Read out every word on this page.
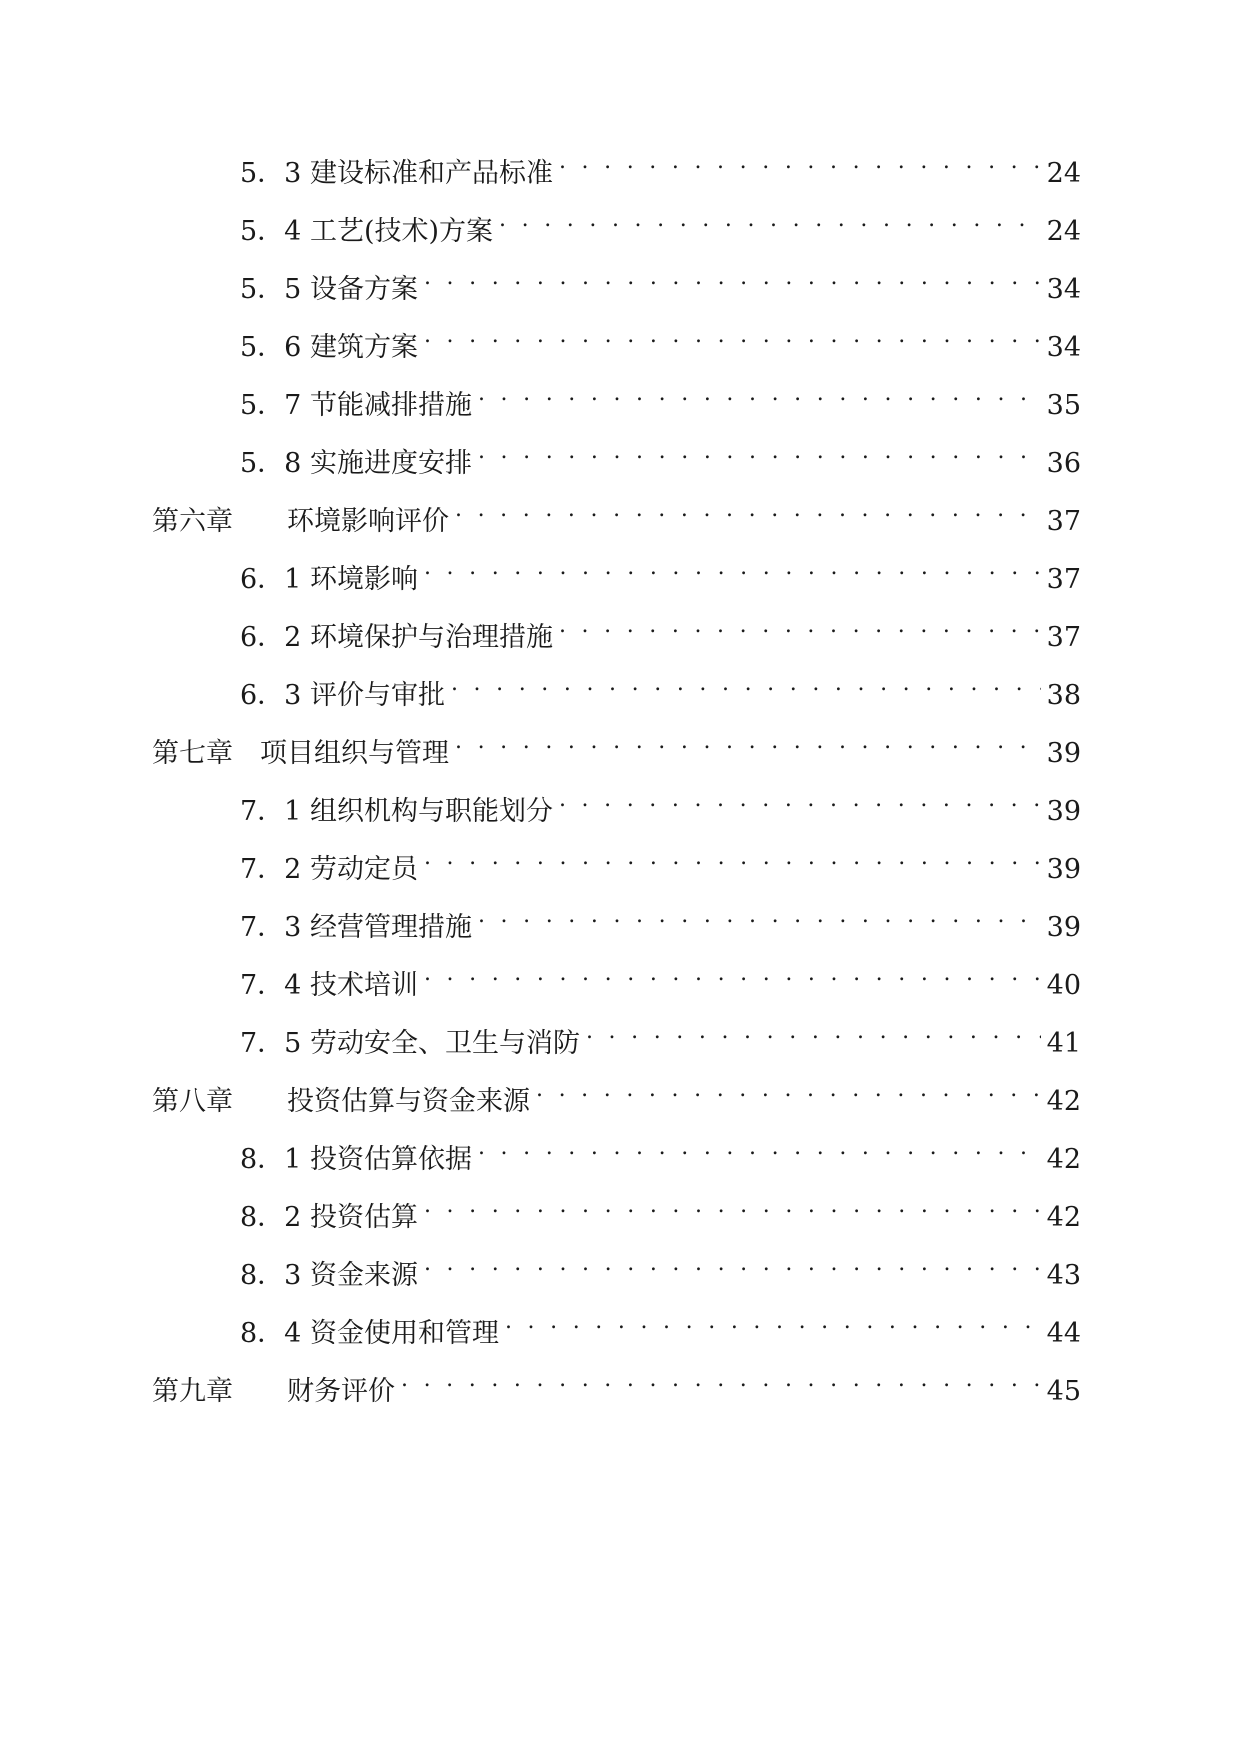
5．3 建设标准和产品标准 . . .	24
5．4 工艺(技术)方案 . . .	24
5．5 设备方案 . . .	34
5．6 建筑方案 . . .	34
5．7 节能减排措施 . . .	35
5．8 实施进度安排 . . .	36
第六章　　环境影响评价 . . .	37
6．1 环境影响 . . .	37
6．2 环境保护与治理措施 . . .	37
6．3 评价与审批 . . .	38
第七章　项目组织与管理 . . .	39
7．1 组织机构与职能划分 . . .	39
7．2 劳动定员 . . .	39
7．3 经营管理措施 . . .	39
7．4 技术培训 . . .	40
7．5 劳动安全、卫生与消防 . . .	41
第八章　　投资估算与资金来源 . . .	42
8．1 投资估算依据 . . .	42
8．2 投资估算 . . .	42
8．3 资金来源 . . .	43
8．4 资金使用和管理 . . .	44
第九章　　财务评价 . . .	45
